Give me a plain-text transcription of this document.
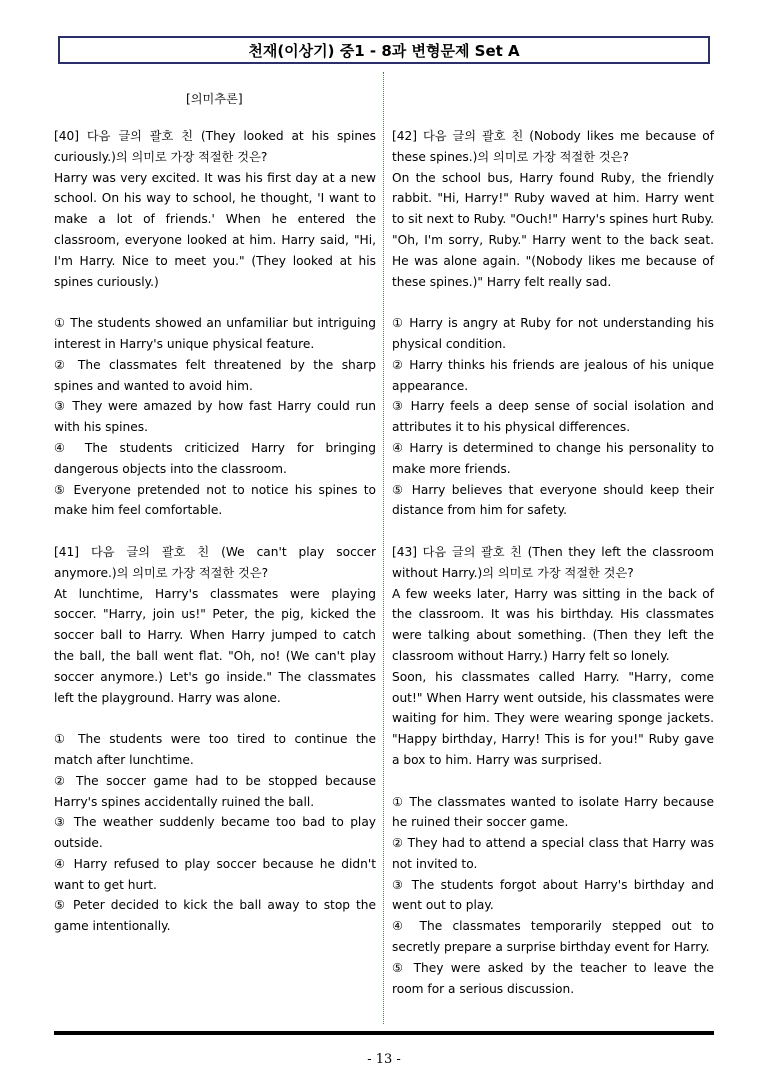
천재(이상기) 중1 - 8과 변형문제 Set A
[의미추론]

[40] 다음 글의 괄호 친 (They looked at his spines curiously.)의 의미로 가장 적절한 것은?

Harry was very excited. It was his first day at a new school. On his way to school, he thought, 'I want to make a lot of friends.' When he entered the classroom, everyone looked at him. Harry said, "Hi, I'm Harry. Nice to meet you." (They looked at his spines curiously.)

① The students showed an unfamiliar but intriguing interest in Harry's unique physical feature.

② The classmates felt threatened by the sharp spines and wanted to avoid him.

③ They were amazed by how fast Harry could run with his spines.

④ The students criticized Harry for bringing dangerous objects into the classroom.

⑤ Everyone pretended not to notice his spines to make him feel comfortable.

[41] 다음 글의 괄호 친 (We can't play soccer anymore.)의 의미로 가장 적절한 것은?

At lunchtime, Harry's classmates were playing soccer. "Harry, join us!" Peter, the pig, kicked the soccer ball to Harry. When Harry jumped to catch the ball, the ball went flat. "Oh, no! (We can't play soccer anymore.) Let's go inside." The classmates left the playground. Harry was alone.

① The students were too tired to continue the match after lunchtime.

② The soccer game had to be stopped because Harry's spines accidentally ruined the ball.

③ The weather suddenly became too bad to play outside.

④ Harry refused to play soccer because he didn't want to get hurt.

⑤ Peter decided to kick the ball away to stop the game intentionally.

[42] 다음 글의 괄호 친 (Nobody likes me because of these spines.)의 의미로 가장 적절한 것은?

On the school bus, Harry found Ruby, the friendly rabbit. "Hi, Harry!" Ruby waved at him. Harry went to sit next to Ruby. "Ouch!" Harry's spines hurt Ruby. "Oh, I'm sorry, Ruby." Harry went to the back seat. He was alone again. "(Nobody likes me because of these spines.)" Harry felt really sad.

① Harry is angry at Ruby for not understanding his physical condition.

② Harry thinks his friends are jealous of his unique appearance.

③ Harry feels a deep sense of social isolation and attributes it to his physical differences.

④ Harry is determined to change his personality to make more friends.

⑤ Harry believes that everyone should keep their distance from him for safety.

[43] 다음 글의 괄호 친 (Then they left the classroom without Harry.)의 의미로 가장 적절한 것은?

A few weeks later, Harry was sitting in the back of the classroom. It was his birthday. His classmates were talking about something. (Then they left the classroom without Harry.) Harry felt so lonely.

Soon, his classmates called Harry. "Harry, come out!" When Harry went outside, his classmates were waiting for him. They were wearing sponge jackets. "Happy birthday, Harry! This is for you!" Ruby gave a box to him. Harry was surprised.

① The classmates wanted to isolate Harry because he ruined their soccer game.

② They had to attend a special class that Harry was not invited to.

③ The students forgot about Harry's birthday and went out to play.

④ The classmates temporarily stepped out to secretly prepare a surprise birthday event for Harry.

⑤ They were asked by the teacher to leave the room for a serious discussion.

- 13 -
